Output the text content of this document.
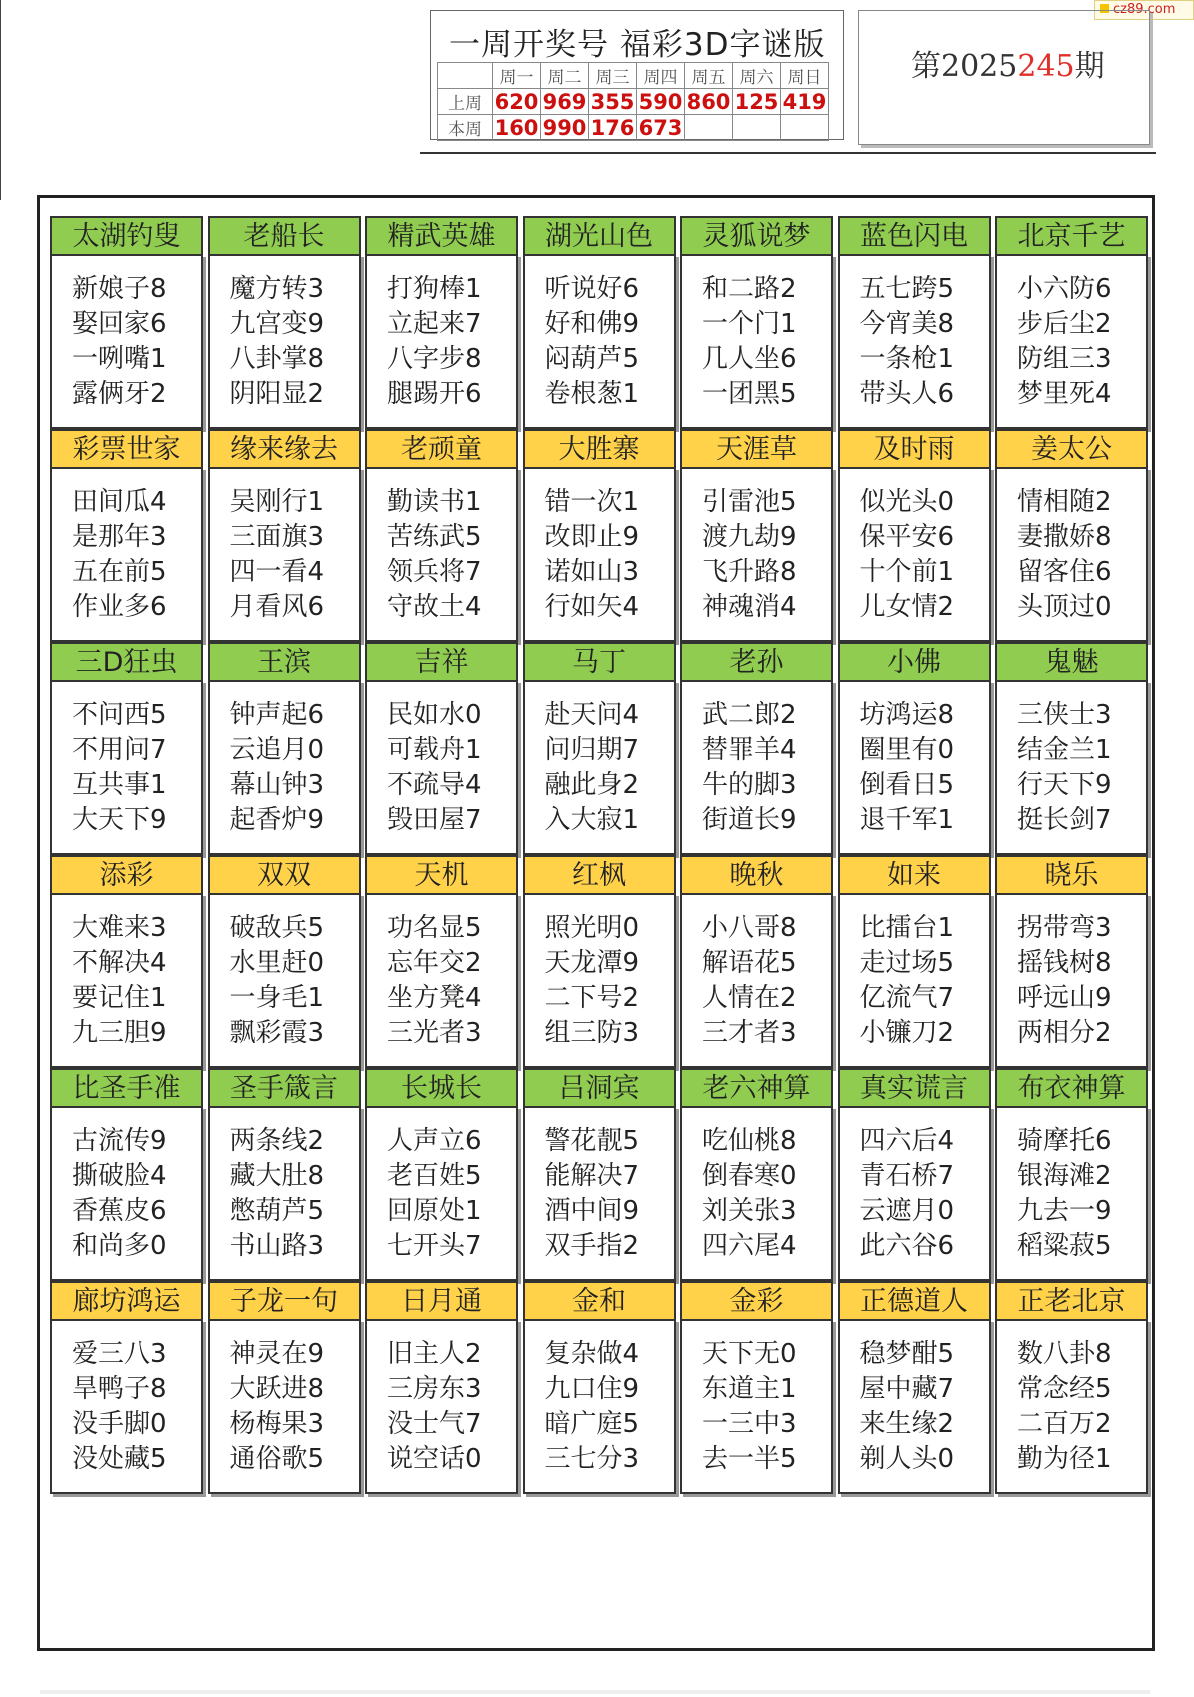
cz89.com
一周开奖号 福彩3D字谜版
	周一	周二	周三	周四	周五	周六	周日
上周	620	969	355	590	860	125	419
本周	160	990	176	673			
第2025245期
太湖钓叟
新娘子8
娶回家6
一咧嘴1
露俩牙2
老船长
魔方转3
九宫变9
八卦掌8
阴阳显2
精武英雄
打狗棒1
立起来7
八字步8
腿踢开6
湖光山色
听说好6
好和佛9
闷葫芦5
卷根葱1
灵狐说梦
和二路2
一个门1
几人坐6
一团黑5
蓝色闪电
五七跨5
今宵美8
一条枪1
带头人6
北京千艺
小六防6
步后尘2
防组三3
梦里死4
彩票世家
田间瓜4
是那年3
五在前5
作业多6
缘来缘去
吴刚行1
三面旗3
四一看4
月看风6
老顽童
勤读书1
苦练武5
领兵将7
守故土4
大胜寨
错一次1
改即止9
诺如山3
行如矢4
天涯草
引雷池5
渡九劫9
飞升路8
神魂消4
及时雨
似光头0
保平安6
十个前1
儿女情2
姜太公
情相随2
妻撒娇8
留客住6
头顶过0
三D狂虫
不问西5
不用问7
互共事1
大天下9
王滨
钟声起6
云追月0
幕山钟3
起香炉9
吉祥
民如水0
可载舟1
不疏导4
毁田屋7
马丁
赴天问4
问归期7
融此身2
入大寂1
老孙
武二郎2
替罪羊4
牛的脚3
街道长9
小佛
坊鸿运8
圈里有0
倒看日5
退千军1
鬼魅
三侠士3
结金兰1
行天下9
挺长剑7
添彩
大难来3
不解决4
要记住1
九三胆9
双双
破敌兵5
水里赶0
一身毛1
飘彩霞3
天机
功名显5
忘年交2
坐方凳4
三光者3
红枫
照光明0
天龙潭9
二下号2
组三防3
晚秋
小八哥8
解语花5
人情在2
三才者3
如来
比擂台1
走过场5
亿流气7
小镰刀2
晓乐
拐带弯3
摇钱树8
呼远山9
两相分2
比圣手准
古流传9
撕破脸4
香蕉皮6
和尚多0
圣手箴言
两条线2
藏大肚8
憋葫芦5
书山路3
长城长
人声立6
老百姓5
回原处1
七开头7
吕洞宾
警花靓5
能解决7
酒中间9
双手指2
老六神算
吃仙桃8
倒春寒0
刘关张3
四六尾4
真实谎言
四六后4
青石桥7
云遮月0
此六谷6
布衣神算
骑摩托6
银海滩2
九去一9
稻粱菽5
廊坊鸿运
爱三八3
旱鸭子8
没手脚0
没处藏5
子龙一句
神灵在9
大跃进8
杨梅果3
通俗歌5
日月通
旧主人2
三房东3
没士气7
说空话0
金和
复杂做4
九口住9
暗广庭5
三七分3
金彩
天下无0
东道主1
一三中3
去一半5
正德道人
稳梦酣5
屋中藏7
来生缘2
剃人头0
正老北京
数八卦8
常念经5
二百万2
勤为径1
